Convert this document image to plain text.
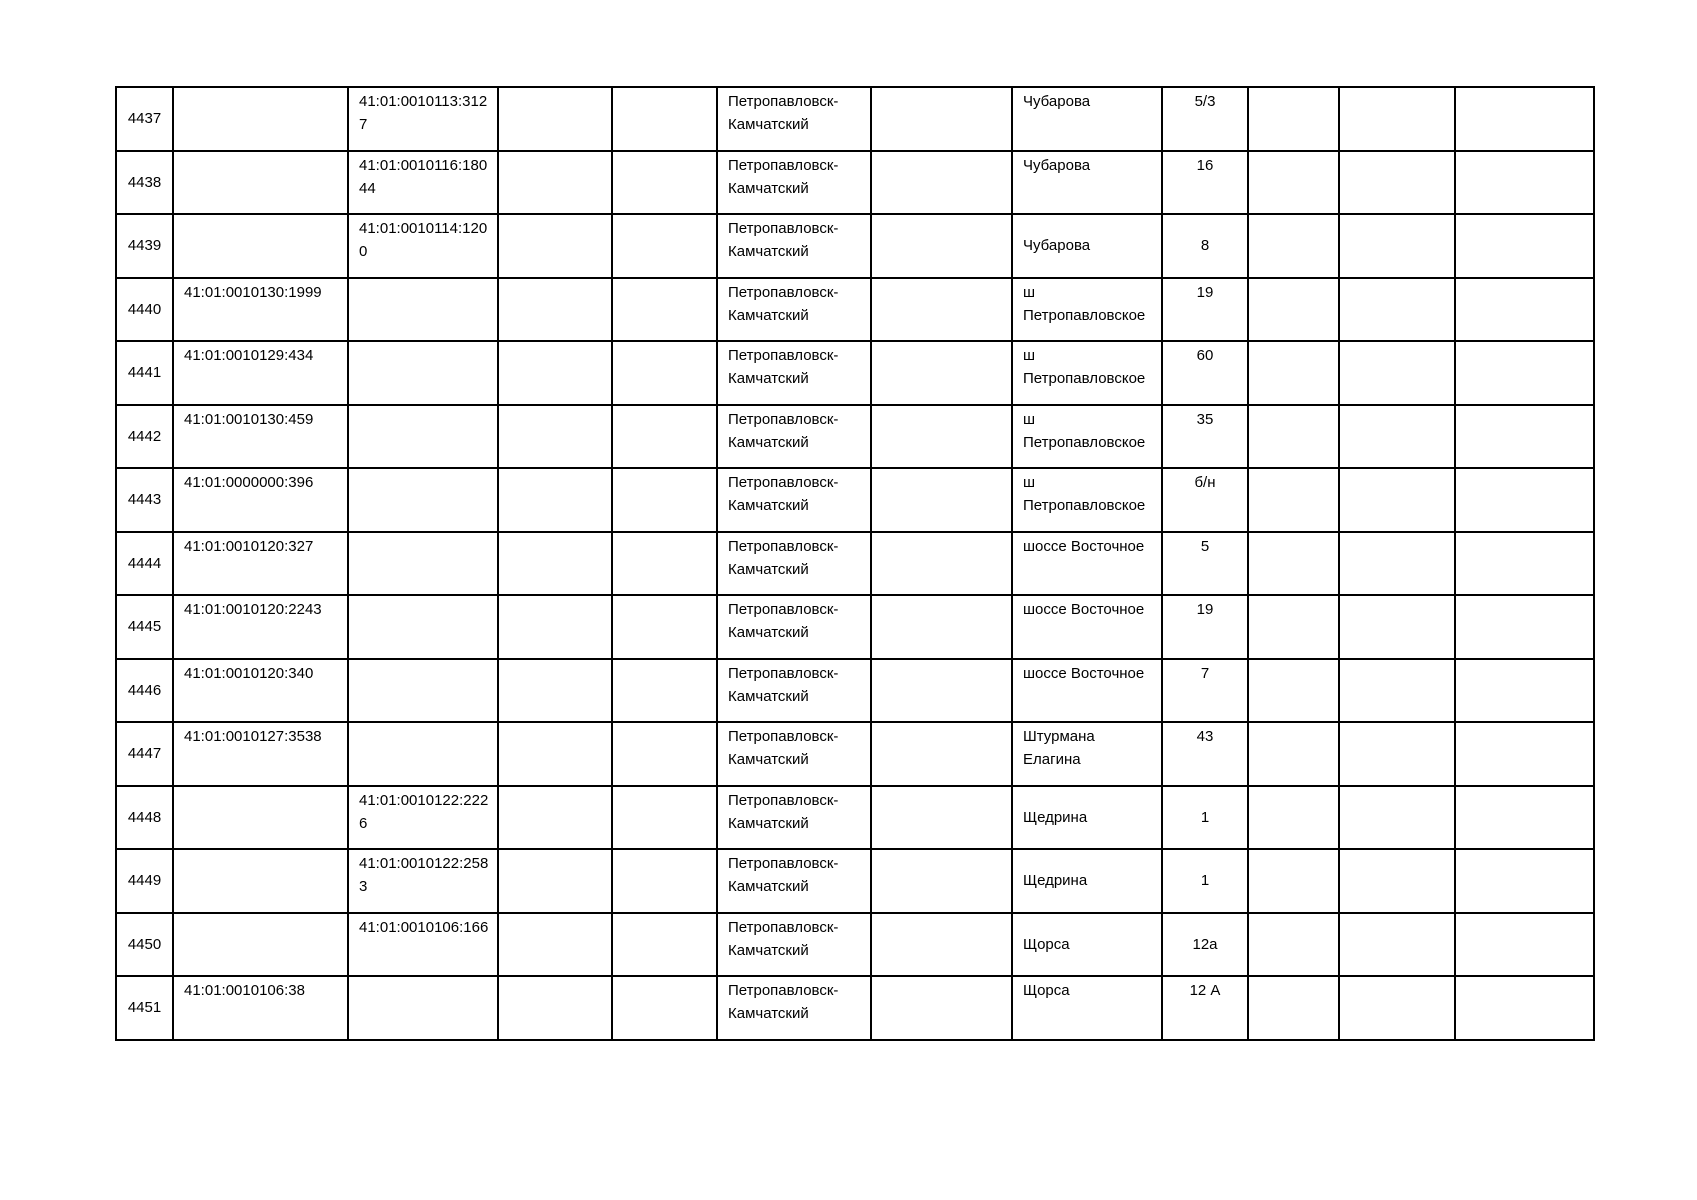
4437		41:01:0010113:3127			Петропавловск-Камчатский		Чубарова	5/3			
4438		41:01:0010116:18044			Петропавловск-Камчатский		Чубарова	16			
4439		41:01:0010114:1200			Петропавловск-Камчатский		Чубарова	8			
4440	41:01:0010130:1999				Петропавловск-Камчатский		ш Петропавловское	19			
4441	41:01:0010129:434				Петропавловск-Камчатский		ш Петропавловское	60			
4442	41:01:0010130:459				Петропавловск-Камчатский		ш Петропавловское	35			
4443	41:01:0000000:396				Петропавловск-Камчатский		ш Петропавловское	б/н			
4444	41:01:0010120:327				Петропавловск-Камчатский		шоссе Восточное	5			
4445	41:01:0010120:2243				Петропавловск-Камчатский		шоссе Восточное	19			
4446	41:01:0010120:340				Петропавловск-Камчатский		шоссе Восточное	7			
4447	41:01:0010127:3538				Петропавловск-Камчатский		Штурмана Елагина	43			
4448		41:01:0010122:2226			Петропавловск-Камчатский		Щедрина	1			
4449		41:01:0010122:2583			Петропавловск-Камчатский		Щедрина	1			
4450		41:01:0010106:166			Петропавловск-Камчатский		Щорса	12а			
4451	41:01:0010106:38				Петропавловск-Камчатский		Щорса	12 А			
